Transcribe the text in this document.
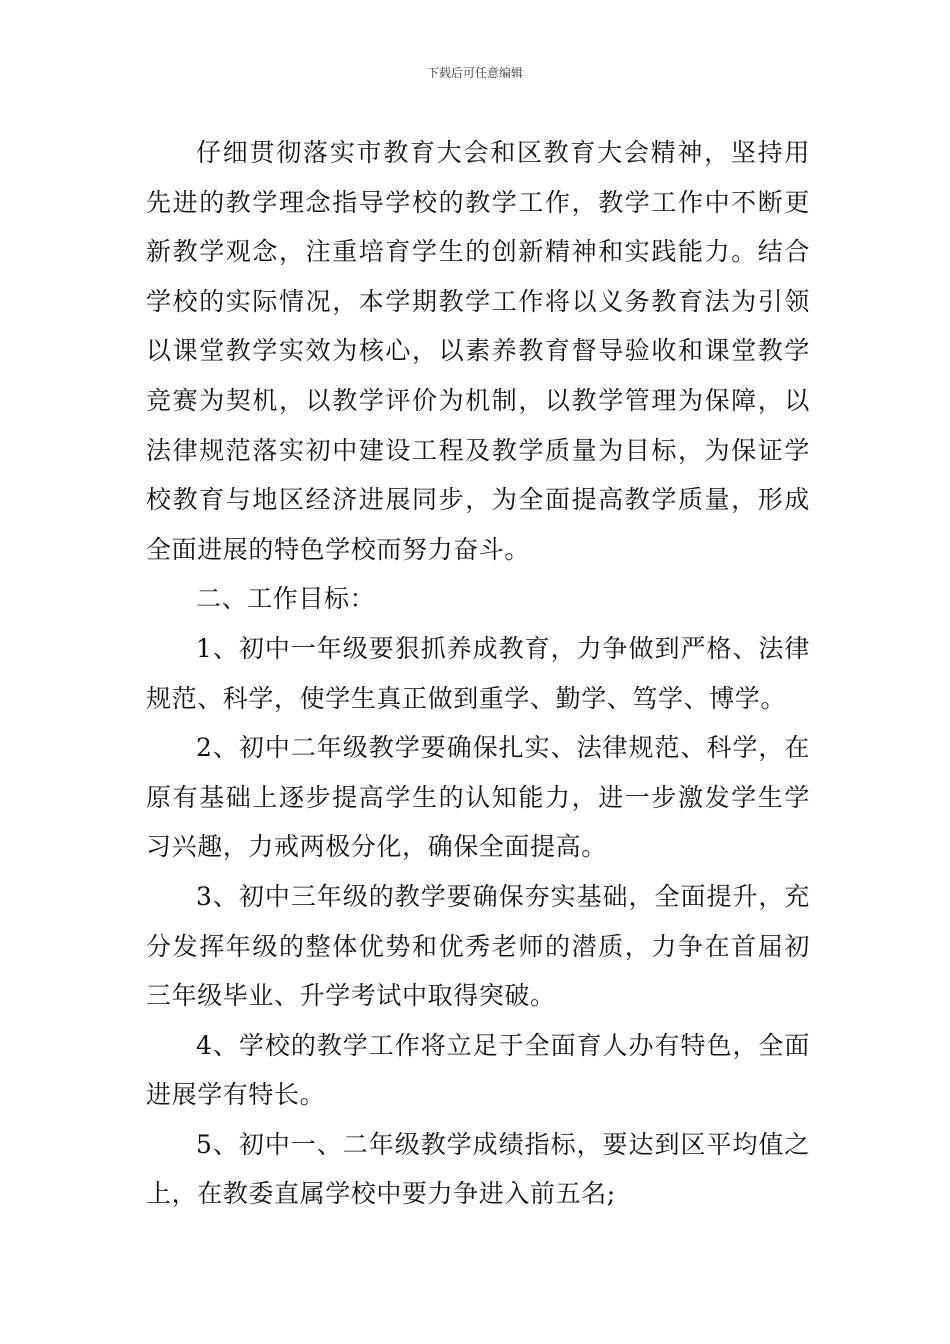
下载后可任意编辑

仔细贯彻落实市教育大会和区教育大会精神，坚持用先进的教学理念指导学校的教学工作，教学工作中不断更新教学观念，注重培育学生的创新精神和实践能力。结合学校的实际情况，本学期教学工作将以义务教育法为引领以课堂教学实效为核心，以素养教育督导验收和课堂教学竞赛为契机，以教学评价为机制，以教学管理为保障，以法律规范落实初中建设工程及教学质量为目标，为保证学校教育与地区经济进展同步，为全面提高教学质量，形成全面进展的特色学校而努力奋斗。

二、工作目标：

1、初中一年级要狠抓养成教育，力争做到严格、法律规范、科学，使学生真正做到重学、勤学、笃学、博学。

2、初中二年级教学要确保扎实、法律规范、科学，在原有基础上逐步提高学生的认知能力，进一步激发学生学习兴趣，力戒两极分化，确保全面提高。

3、初中三年级的教学要确保夯实基础，全面提升，充分发挥年级的整体优势和优秀老师的潜质，力争在首届初三年级毕业、升学考试中取得突破。

4、学校的教学工作将立足于全面育人办有特色，全面进展学有特长。

5、初中一、二年级教学成绩指标，要达到区平均值之上，在教委直属学校中要力争进入前五名;
